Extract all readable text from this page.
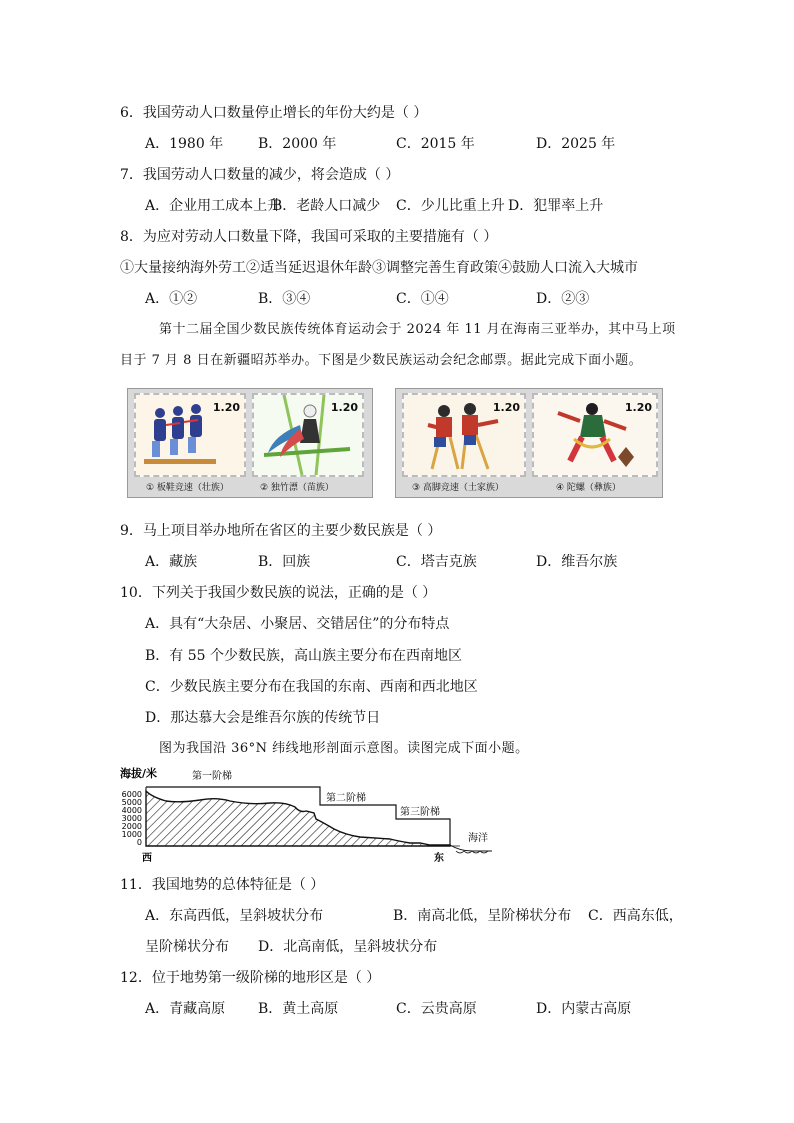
6．我国劳动人口数量停止增长的年份大约是（ ）
A．1980 年 B．2000 年	C．2015 年	D．2025 年
7．我国劳动人口数量的减少，将会造成（ ）
A．企业用工成本上升
B．老龄人口减少 C．少儿比重上升 D．犯罪率上升
8．为应对劳动人口数量下降，我国可采取的主要措施有（ ）
①大量接纳海外劳工②适当延迟退休年龄③调整完善生育政策④鼓励人口流入大城市
A．①②	B．③④	C．①④	D．②③
第十二届全国少数民族传统体育运动会于 2024 年 11 月在海南三亚举办，其中马上项
目于 7 月 8 日在新疆昭苏举办。下图是少数民族运动会纪念邮票。据此完成下面小题。
1.20	1.20
① 板鞋竞速（壮族）	② 独竹漂（苗族）
1.20	1.20
③ 高脚竞速（土家族）	④ 陀螺（彝族）
9．马上项目举办地所在省区的主要少数民族是（ ）
A．藏族	B．回族	C．塔吉克族	D．维吾尔族
10．下列关于我国少数民族的说法，正确的是（ ）
A．具有“大杂居、小聚居、交错居住”的分布特点
B．有 55 个少数民族，高山族主要分布在西南地区
C．少数民族主要分布在我国的东南、西南和西北地区
D．那达慕大会是维吾尔族的传统节日
图为我国沿 36°N 纬线地形剖面示意图。读图完成下面小题。
海拔/米
6000
5000
4000
3000
2000
1000
0
第一阶梯
第二阶梯
第三阶梯
海洋
西	东
11．我国地势的总体特征是（ ）
A．东高西低，呈斜坡状分布	B．南高北低，呈阶梯状分布 C．西高东低，
呈阶梯状分布 D．北高南低，呈斜坡状分布
12．位于地势第一级阶梯的地形区是（ ）
A．青藏高原 B．黄土高原	C．云贵高原	D．内蒙古高原
